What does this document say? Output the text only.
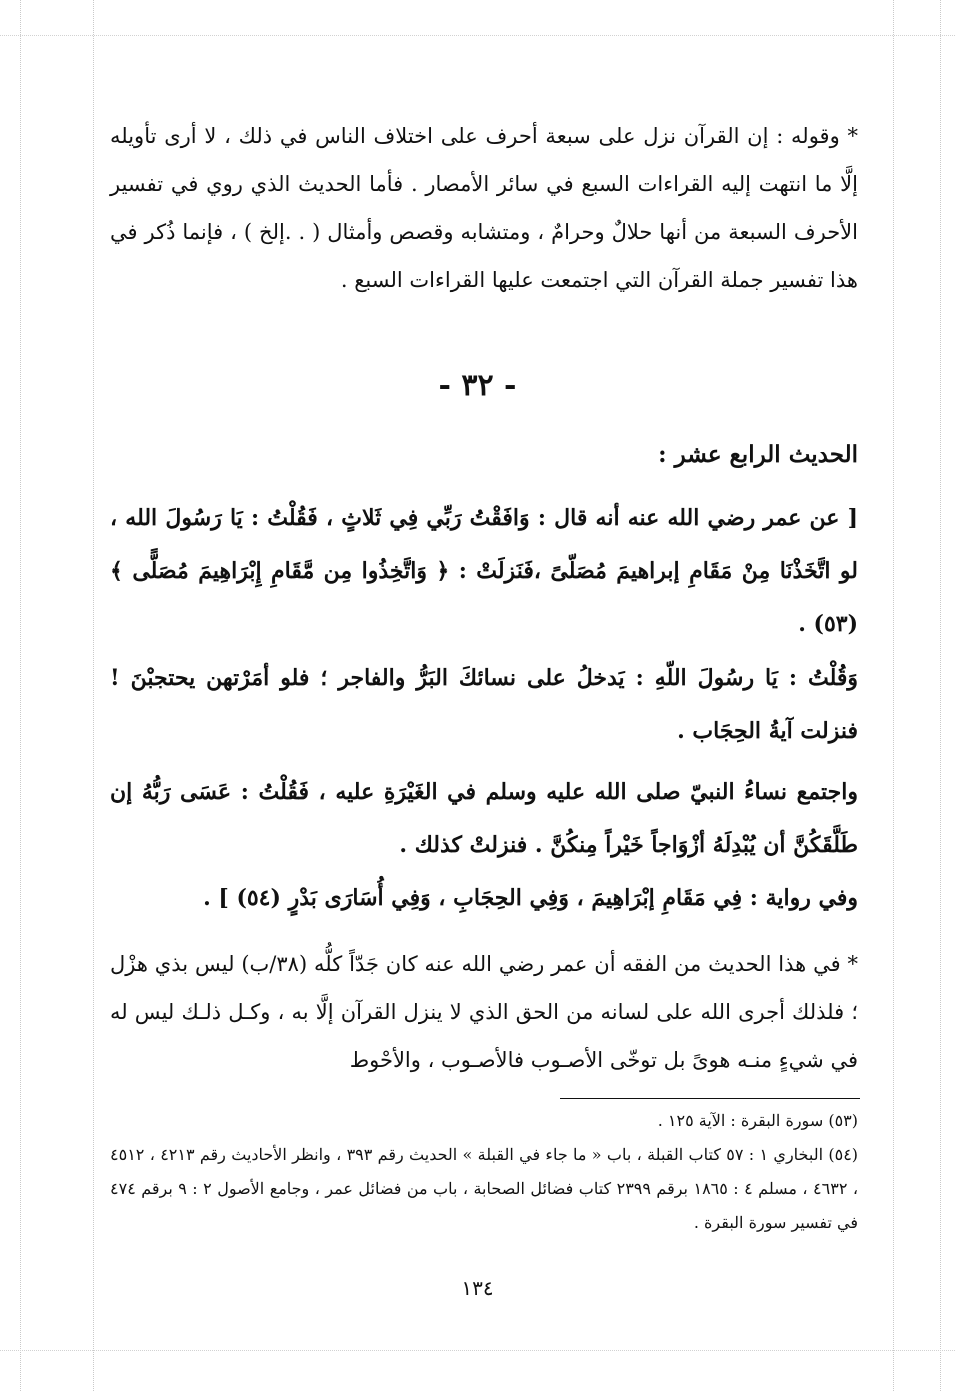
* وقوله : إن القرآن نزل على سبعة أحرف على اختلاف الناس في ذلك ، لا أرى تأويله إلَّا ما انتهت إليه القراءات السبع في سائر الأمصار . فأما الحديث الذي روي في تفسير الأحرف السبعة من أنها حلالٌ وحرامٌ ، ومتشابه وقصص وأمثال ( . .إلخ ) ، فإنما ذُكر في هذا تفسير جملة القرآن التي اجتمعت عليها القراءات السبع .

- ٣٢ -

الحديث الرابع عشر :

[ عن عمر رضي الله عنه أنه قال : وَافَقْتُ رَبِّي فِي ثَلاثٍ ، فَقُلْتُ : يَا رَسُولَ الله ، لو اتَّخَذْنَا مِنْ مَقَامِ إبراهيمَ مُصَلّىً ،فَنَزلَتْ : ﴿ وَاتَّخِذُوا مِن مَّقَامِ إِبْرَاهِيمَ مُصَلًّى ﴾ (٥٣) .

وَقُلْتُ : يَا رسُولَ اللّهِ : يَدخلُ على نسائكَ البَرُّ والفاجر ؛ فلو أمَرْتهن يحتجبْنَ ! فنزلت آيةُ الحِجَاب .

واجتمع نساءُ النبيّ صلى الله عليه وسلم في الغَيْرَةِ عليه ، فَقُلْتُ : عَسَى رَبُّهُ إن طَلَّقَكُنَّ أن يُبْدِلَهُ أزْوَاجاً خَيْراً مِنكُنَّ . فنزلتْ كذلك .

وفي رواية : فِي مَقَامِ إبْرَاهِيمَ ، وَفِي الحِجَابِ ، وَفِي أُسَارَى بَدْرٍ (٥٤) ] .

* في هذا الحديث من الفقه أن عمر رضي الله عنه كان جَدّاً كلُّه (٣٨/ب) ليس بذي هزْل ؛ فلذلك أجرى الله على لسانه من الحق الذي لا ينزل القرآن إلَّا به ، وكـل ذلـك ليس له في شيءٍ منـه هوىً بل توخّى الأصـوب فالأصـوب ، والأحْوط

(٥٣) سورة البقرة : الآية ١٢٥ .

(٥٤) البخاري ١ : ٥٧ كتاب القبلة ، باب « ما جاء في القبلة » الحديث رقم ٣٩٣ ، وانظر الأحاديث رقم ٤٢١٣ ، ٤٥١٢ ، ٤٦٣٢ ، مسلم ٤ : ١٨٦٥ برقم ٢٣٩٩ كتاب فضائل الصحابة ، باب من فضائل عمر ، وجامع الأصول ٢ : ٩ برقم ٤٧٤ في تفسير سورة البقرة .

١٣٤
